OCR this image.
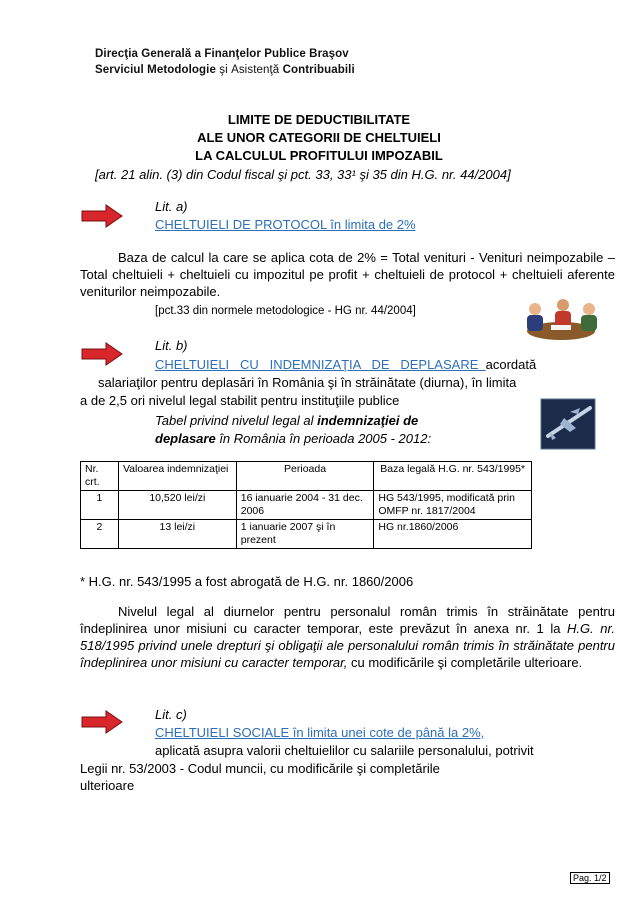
Direcţia Generală a Finanţelor Publice Braşov
Serviciul Metodologie şi Asistenţă Contribuabili
LIMITE DE DEDUCTIBILITATE
ALE UNOR CATEGORII DE CHELTUIELI
LA CALCULUL PROFITULUI IMPOZABIL
[art. 21 alin. (3) din Codul fiscal şi pct. 33, 33¹ şi 35 din H.G. nr. 44/2004]
Lit. a)
CHELTUIELI DE PROTOCOL în limita de 2%
Baza de calcul la care se aplica cota de 2% = Total venituri - Venituri neimpozabile – Total cheltuieli + cheltuieli cu impozitul pe profit + cheltuieli de protocol + cheltuieli aferente veniturilor neimpozabile.
[pct.33 din normele metodologice - HG nr. 44/2004]
Lit. b)
CHELTUIELI   CU   INDEMNIZAŢIA   DE   DEPLASARE  acordată
salariaţilor pentru deplasări în România şi în străinătate (diurna), în limita
a de 2,5 ori nivelul legal stabilit pentru instituţiile publice
Tabel privind nivelul legal al indemnizaţiei de
deplasare în România în perioada 2005 - 2012:
Nr. crt.	Valoarea indemnizaţiei	Perioada	Baza legală H.G. nr. 543/1995*
1	10,520 lei/zi	16 ianuarie 2004 - 31 dec. 2006	HG 543/1995, modificată prin OMFP nr. 1817/2004
2	13 lei/zi	1 ianuarie 2007 şi în prezent	HG nr.1860/2006
* H.G. nr. 543/1995 a fost abrogată de H.G. nr. 1860/2006
Nivelul legal al diurnelor pentru personalul român trimis în străinătate pentru îndeplinirea unor misiuni cu caracter temporar, este prevăzut în anexa nr. 1 la H.G. nr. 518/1995 privind unele drepturi şi obligaţii ale personalului român trimis în străinătate pentru îndeplinirea unor misiuni cu caracter temporar, cu modificările şi completările ulterioare.
Lit. c)
CHELTUIELI SOCIALE în limita unei cote de până la 2%,
aplicată asupra valorii cheltuielilor cu salariile personalului, potrivit
Legii nr. 53/2003 - Codul muncii, cu modificările şi completările
ulterioare
Pag. 1/2
